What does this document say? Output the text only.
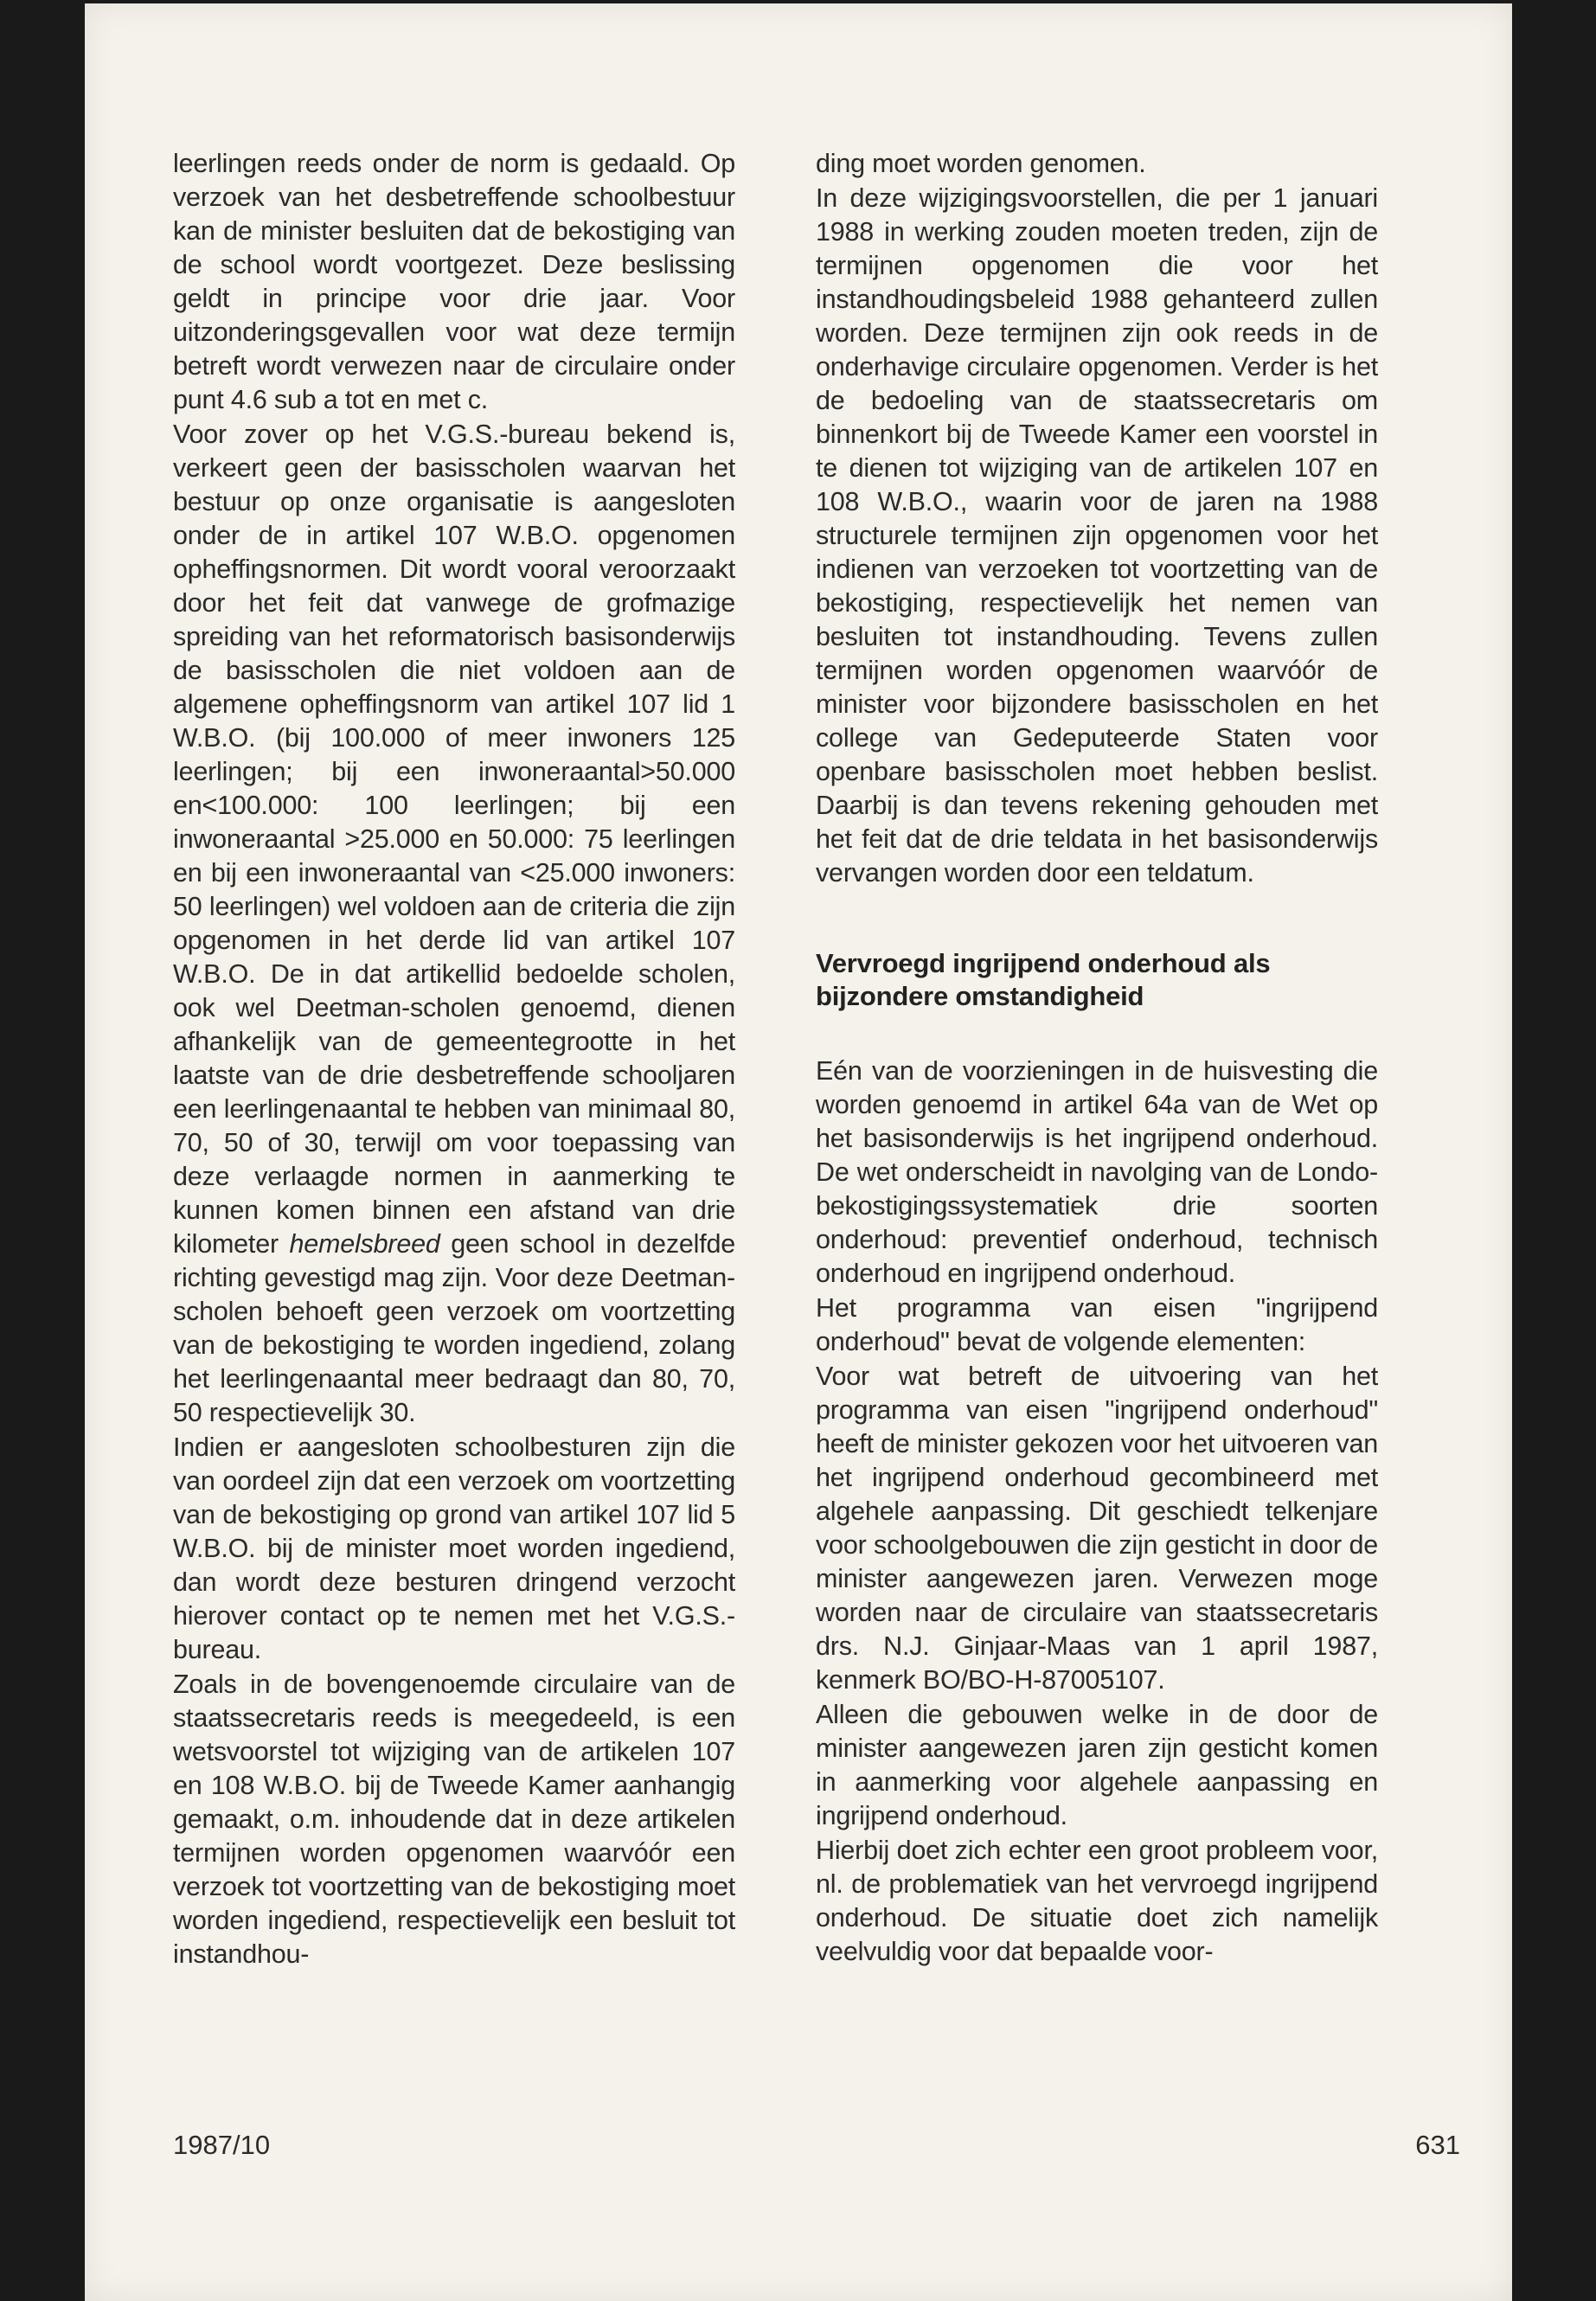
leerlingen reeds onder de norm is gedaald. Op verzoek van het desbetreffende schoolbestuur kan de minister besluiten dat de bekostiging van de school wordt voortgezet. Deze beslissing geldt in principe voor drie jaar. Voor uitzonderingsgevallen voor wat deze termijn betreft wordt verwezen naar de circulaire onder punt 4.6 sub a tot en met c.

Voor zover op het V.G.S.-bureau bekend is, verkeert geen der basisscholen waarvan het bestuur op onze organisatie is aangesloten onder de in artikel 107 W.B.O. opgenomen opheffingsnormen. Dit wordt vooral veroorzaakt door het feit dat vanwege de grofmazige spreiding van het reformatorisch basisonderwijs de basisscholen die niet voldoen aan de algemene opheffingsnorm van artikel 107 lid 1 W.B.O. (bij 100.000 of meer inwoners 125 leerlingen; bij een inwoneraantal>50.000 en<100.000: 100 leerlingen; bij een inwoneraantal >25.000 en 50.000: 75 leerlingen en bij een inwoneraantal van <25.000 inwoners: 50 leerlingen) wel voldoen aan de criteria die zijn opgenomen in het derde lid van artikel 107 W.B.O. De in dat artikellid bedoelde scholen, ook wel Deetman-scholen genoemd, dienen afhankelijk van de gemeentegrootte in het laatste van de drie desbetreffende schooljaren een leerlingenaantal te hebben van minimaal 80, 70, 50 of 30, terwijl om voor toepassing van deze verlaagde normen in aanmerking te kunnen komen binnen een afstand van drie kilometer hemelsbreed geen school in dezelfde richting gevestigd mag zijn. Voor deze Deetman-scholen behoeft geen verzoek om voortzetting van de bekostiging te worden ingediend, zolang het leerlingenaantal meer bedraagt dan 80, 70, 50 respectievelijk 30.

Indien er aangesloten schoolbesturen zijn die van oordeel zijn dat een verzoek om voortzetting van de bekostiging op grond van artikel 107 lid 5 W.B.O. bij de minister moet worden ingediend, dan wordt deze besturen dringend verzocht hierover contact op te nemen met het V.G.S.-bureau.

Zoals in de bovengenoemde circulaire van de staatssecretaris reeds is meegedeeld, is een wetsvoorstel tot wijziging van de artikelen 107 en 108 W.B.O. bij de Tweede Kamer aanhangig gemaakt, o.m. inhoudende dat in deze artikelen termijnen worden opgenomen waarvóór een verzoek tot voortzetting van de bekostiging moet worden ingediend, respectievelijk een besluit tot instandhou-

ding moet worden genomen.

In deze wijzigingsvoorstellen, die per 1 januari 1988 in werking zouden moeten treden, zijn de termijnen opgenomen die voor het instandhoudingsbeleid 1988 gehanteerd zullen worden. Deze termijnen zijn ook reeds in de onderhavige circulaire opgenomen. Verder is het de bedoeling van de staatssecretaris om binnenkort bij de Tweede Kamer een voorstel in te dienen tot wijziging van de artikelen 107 en 108 W.B.O., waarin voor de jaren na 1988 structurele termijnen zijn opgenomen voor het indienen van verzoeken tot voortzetting van de bekostiging, respectievelijk het nemen van besluiten tot instandhouding. Tevens zullen termijnen worden opgenomen waarvóór de minister voor bijzondere basisscholen en het college van Gedeputeerde Staten voor openbare basisscholen moet hebben beslist. Daarbij is dan tevens rekening gehouden met het feit dat de drie teldata in het basisonderwijs vervangen worden door een teldatum.

Vervroegd ingrijpend onderhoud als bijzondere omstandigheid

Eén van de voorzieningen in de huisvesting die worden genoemd in artikel 64a van de Wet op het basisonderwijs is het ingrijpend onderhoud. De wet onderscheidt in navolging van de Londo-bekostigingssystematiek drie soorten onderhoud: preventief onderhoud, technisch onderhoud en ingrijpend onderhoud.

Het programma van eisen "ingrijpend onderhoud" bevat de volgende elementen:

Voor wat betreft de uitvoering van het programma van eisen "ingrijpend onderhoud" heeft de minister gekozen voor het uitvoeren van het ingrijpend onderhoud gecombineerd met algehele aanpassing. Dit geschiedt telkenjare voor schoolgebouwen die zijn gesticht in door de minister aangewezen jaren. Verwezen moge worden naar de circulaire van staatssecretaris drs. N.J. Ginjaar-Maas van 1 april 1987, kenmerk BO/BO-H-87005107.

Alleen die gebouwen welke in de door de minister aangewezen jaren zijn gesticht komen in aanmerking voor algehele aanpassing en ingrijpend onderhoud.

Hierbij doet zich echter een groot probleem voor, nl. de problematiek van het vervroegd ingrijpend onderhoud. De situatie doet zich namelijk veelvuldig voor dat bepaalde voor-

1987/10	631
